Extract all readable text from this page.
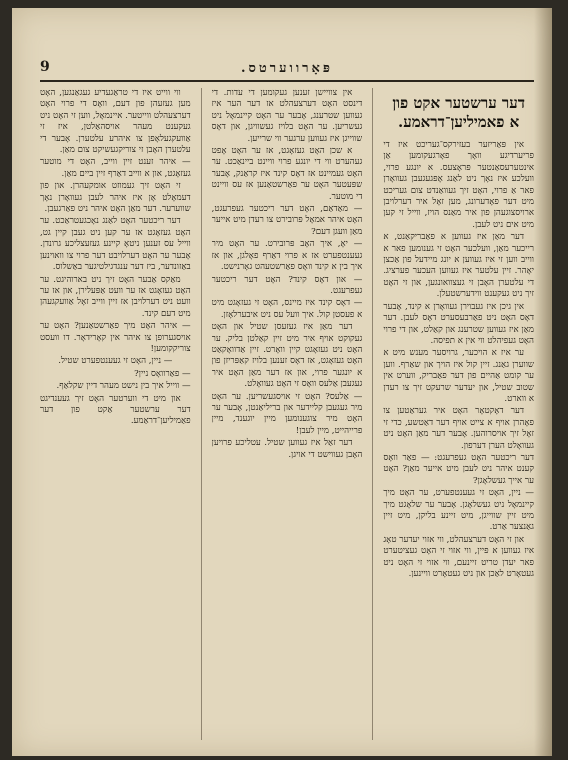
פּאָרווערטס.
9
דער ערשטער אקט פון
א פאמיליען־דראמע.

אין פּאַריזער בעזירקס־געריכט איז די פריערדיגע וואָך פאָרגעקומען אַן אינטערעסאַנטער פּראָצעס. א יונגע פרוי, וועלכע איז נאָך ניט לאַנג אָפּגעגעבן געוואָרן פאר אַ פרוי, האָט זיך געוואַנדט צום געריכט מיט דער פאָדערונג, מען זאָל איר דערלויבן ארויסצוגעהן פון איר מאַנס הויז, ווייל זי קען מיט אים ניט לעבן.

דער מאַן איז געווען א פאַבריקאַנט, א רייכער מאַן, וועלכער האָט זי גענומען פאר א ווייב ווען זי איז געווען א יונג מיידעל פון אַכצן יאָהר. זיין עלטער איז געווען העכער פערציג. די עלטערן האָבן זי געצוואונגען, און זי האָט זיך ניט געקענט ווידערשטעלן.

אין גיכן איז געבוירן געוואָרן א קינד, אָבער דאָס האָט ניט פאַרבעסערט דאָס לעבן. דער מאַן איז געווען שטרענג און קאַלט, און די פרוי האָט געפיהלט ווי אין א תפיסה.

ער איז א הויכער, גרויסער מענש מיט א שווערן גאַנג. זיין קול איז הויך און שאַרף. ווען ער קומט אַהיים פון דער פאַבריק, ווערט אין שטוב שטיל, און יעדער שרעקט זיך צו רעדן א ווארט.

דער דאָקטאָר האָט איר געראַטען צו פאָהרן אויף א צייט אויף דער דאַטשע, כדי זי זאָל זיך אויסרוהען. אָבער דער מאַן האָט ניט געוואָלט הערן דערפון.

דער ריכטער האָט געפרעגט: — פאַר וואָס קענט איהר ניט לעבן מיט אייער מאַן? האָט ער אייך געשלאָגן?

— ניין, האָט זי געענטפערט, ער האָט מיך קיינמאָל ניט געשלאָגן. אָבער ער שלאָגט מיך מיט זיין שווייגן, מיט זיינע בליקן, מיט זיין גאַנצער אַרט.

און זי האָט דערצעהלט, ווי אזוי יעדער טאָג איז געווען א פּיין, ווי אזוי זי האָט געציטערט פאר יעדן טריט זיינעם, ווי אזוי זי האָט ניט געטאָרט לאַכן און ניט געטאָרט וויינען.

אין צוויישן זענען געקומען די עדות. די דינסט האָט דערצעהלט אז דער הער איז געווען שטרענג, אָבער ער האָט קיינמאָל ניט געשריען. ער האָט בלויז געשוויגן, און דאָס שווייגן איז געווען ערגער ווי שרייען.

א שכן האָט געזאָגט, אז ער האָט אָפט געהערט ווי די יונגע פרוי וויינט ביינאַכט. ער האָט געמיינט אז דאָס קינד איז קראַנק, אָבער שפּעטער האָט ער פאַרשטאַנען אז עס וויינט די מוטער.

— מאַדאַם, האָט דער ריכטער געפרעגט, האָט איהר אמאָל פּרובירט צו רעדן מיט אייער מאַן וועגן דעם?

— יאָ, איך האָב פּרובירט. ער האָט מיר געענטפערט אז א פרוי דאַרף פאָלגן, און אז איך בין א קינד וואָס פאַרשטעהט גאָרנישט.

— און דאָס קינד? האָט דער ריכטער געפרעגט.

— דאָס קינד איז מיינס, האָט זי געזאָגט מיט א פעסטן קול. איך וועל עס ניט איבערלאָזן.

דער מאַן איז געזעסן שטיל און האָט געקוקט אויף איר מיט זיין קאַלטן בליק. ער האָט ניט געזאָגט קיין וואָרט. זיין אַדוואָקאַט האָט געזאָגט, אז דאָס זענען בלויז קאַפּריזן פון א יונגער פרוי, און אז דער מאַן האָט איר געגעבן אַלעס וואָס זי האָט געוואָלט.

— אַלעס? האָט זי אויסגעשריען. ער האָט מיר געגעבן קליידער און בריליאַנטן, אָבער ער האָט מיר צוגענומען מיין יוגענד, מיין פרייהייט, מיין לעבן!

דער זאַל איז געווען שטיל. עטליכע פרויען האָבן געווישט די אויגן.

ווי ווייט איז די טראַגעדיע געגאַנגען, האָט מען געזעהן פון דעם, וואָס די פרוי האָט דערצעהלט ווייטער. איינמאָל, ווען זי האָט ניט געקענט מעהר אויסהאַלטן, איז זי אַוועקגעלאָפן צו איהרע עלטערן. אָבער די עלטערן האָבן זי צוריקגעשיקט צום מאַן.

— איהר זענט זיין ווייב, האָט די מוטער געזאָגט, און א ווייב דאַרף זיין ביים מאַן.

זי האָט זיך געמוזט אומקעהרן. און פון דעמאָלט אָן איז איהר לעבן געוואָרן נאָך שווערער. דער מאַן האָט איהר ניט פאַרגעבן.

דער ריכטער האָט לאַנג נאָכגעטראַכט. ער האָט געזאָגט אז ער קען ניט געבן קיין גט, ווייל עס זענען ניטאָ קיינע געזעצליכע גרונדן. אָבער ער האָט דערלויבט דער פרוי צו וואוינען באַזונדער, ביז דער ענגדגילטיגער באַשלוס.

מאַקס אַבער האָט זיך ניט בארוהיגט. ער האָט געזאָגט אז ער וועט אַפּעלירן, און אז ער וועט ניט דערלויבן אז זיין ווייב זאָל אַוועקגעהן מיט דעם קינד.

— איהר האָט מיך פאַרשטאַנען? האָט ער אויסגערופן צו איהר אין קאָרידאָר. דו וועסט צוריקקומען!

— ניין, האָט זי געענטפערט שטיל.

— פאַרוואָס ניין?

— ווייל איך בין נישט מעהר דיין שקלאַף.

און מיט די ווערטער האָט זיך געענדיגט דער ערשטער אַקט פון דער פאַמיליען־דראַמע.
